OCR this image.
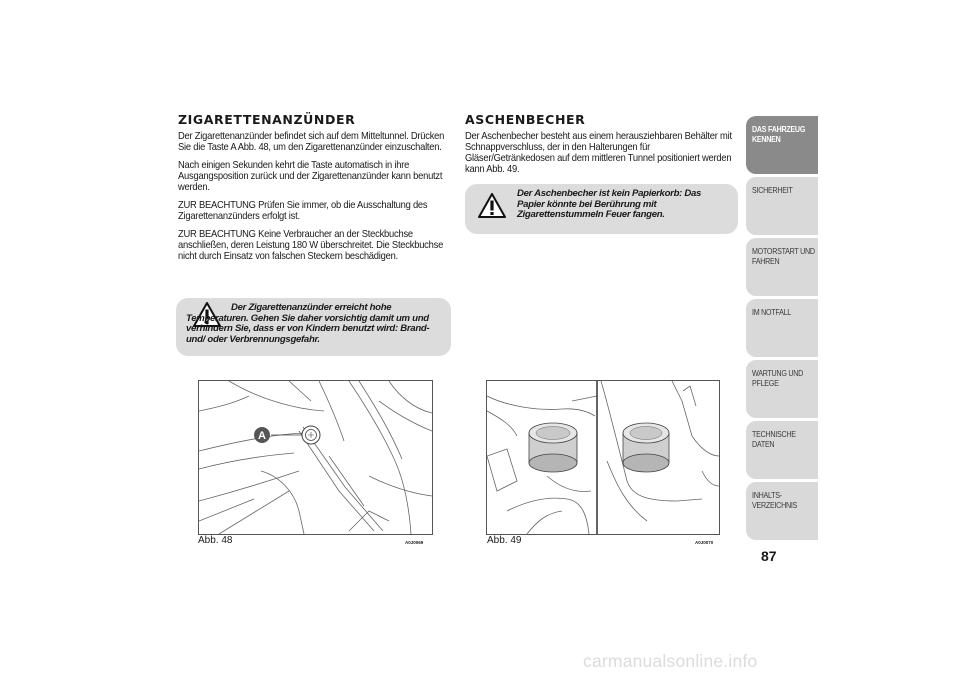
ZIGARETTENANZÜNDER

Der Zigarettenanzünder befindet sich auf dem Mitteltunnel. Drücken Sie die Taste A Abb. 48, um den Zigarettenanzünder einzuschalten.

Nach einigen Sekunden kehrt die Taste automatisch in ihre Ausgangsposition zurück und der Zigarettenanzünder kann benutzt werden.

ZUR BEACHTUNG Prüfen Sie immer, ob die Ausschaltung des Zigarettenanzünders erfolgt ist.

ZUR BEACHTUNG Keine Verbraucher an der Steckbuchse anschließen, deren Leistung 180 W überschreitet. Die Steckbuchse nicht durch Einsatz von falschen Steckern beschädigen.

Der Zigarettenanzünder erreicht hohe Temperaturen. Gehen Sie daher vorsichtig damit um und verhindern Sie, dass er von Kindern benutzt wird: Brand- und/ oder Verbrennungsgefahr.
ASCHENBECHER

Der Aschenbecher besteht aus einem herausziehbaren Behälter mit Schnappverschluss, der in den Halterungen für Gläser/Getränkedosen auf dem mittleren Tunnel positioniert werden kann Abb. 49.

Der Aschenbecher ist kein Papierkorb: Das Papier könnte bei Berührung mit Zigarettenstummeln Feuer fangen.
A
Abb. 48	A0J0069	Abb. 49	A0J0070
DAS FAHRZEUG KENNEN
SICHERHEIT
MOTORSTART UND FAHREN
IM NOTFALL
WARTUNG UND PFLEGE
TECHNISCHE DATEN
INHALTS-VERZEICHNIS
87
carmanualsonline.info
